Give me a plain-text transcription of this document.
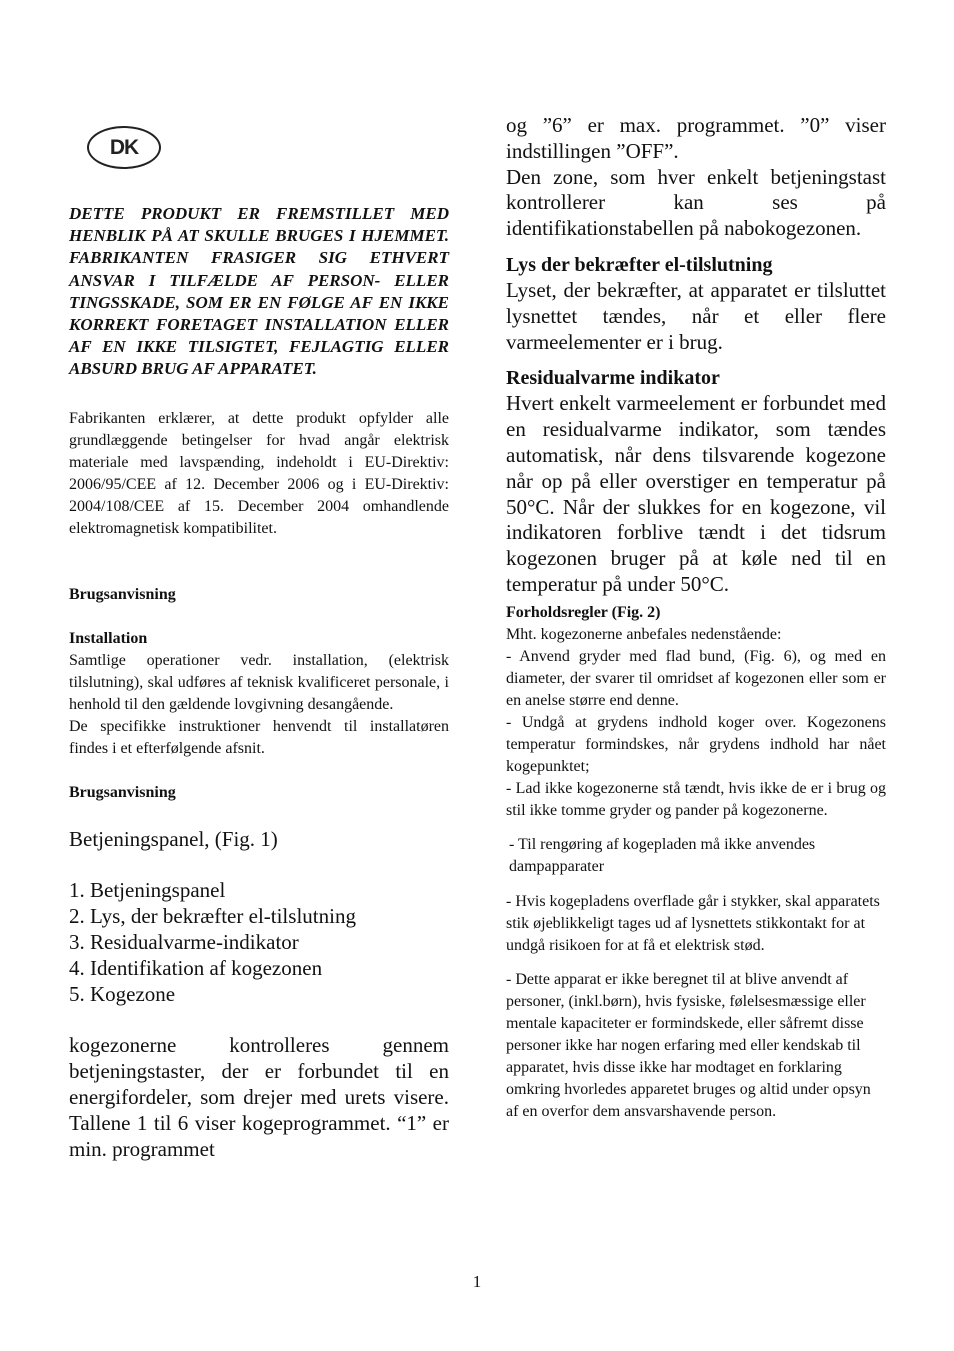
DK

DETTE PRODUKT ER FREMSTILLET MED HENBLIK PÅ AT SKULLE BRUGES I HJEMMET. FABRIKANTEN FRASIGER SIG ETHVERT ANSVAR I TILFÆLDE AF PERSON- ELLER TINGSSKADE, SOM ER EN FØLGE AF EN IKKE KORREKT FORETAGET INSTALLATION ELLER AF EN IKKE TILSIGTET, FEJLAGTIG ELLER ABSURD BRUG AF APPARATET.

Fabrikanten erklærer, at dette produkt opfylder alle grundlæggende betingelser for hvad angår elektrisk materiale med lavspænding, indeholdt i EU-Direktiv: 2006/95/CEE af 12. December 2006 og i EU-Direktiv: 2004/108/CEE af 15. December 2004 omhandlende elektromagnetisk kompatibilitet.

Brugsanvisning

Installation

Samtlige operationer vedr. installation, (elektrisk tilslutning), skal udføres af teknisk kvalificeret personale, i henhold til den gældende lovgivning desangående.

De specifikke instruktioner henvendt til installatøren findes i et efterfølgende afsnit.

Brugsanvisning

Betjeningspanel, (Fig. 1)

1. Betjeningspanel
2. Lys, der bekræfter el-tilslutning
3. Residualvarme-indikator
4. Identifikation af kogezonen
5. Kogezone

kogezonerne kontrolleres gennem betjeningstaster, der er forbundet til en energifordeler, som drejer med urets visere. Tallene 1 til 6 viser kogeprogrammet. “1” er min. programmet

og ”6” er max. programmet. ”0” viser indstillingen ”OFF”.

Den zone, som hver enkelt betjeningstast kontrollerer kan ses på identifikationstabellen på nabokogezonen.

Lys der bekræfter el-tilslutning

Lyset, der bekræfter, at apparatet er tilsluttet lysnettet tændes, når et eller flere varmeelementer er i brug.

Residualvarme indikator

Hvert enkelt varmeelement er forbundet med en residualvarme indikator, som tændes automatisk, når dens tilsvarende kogezone når op på eller overstiger en temperatur på 50°C. Når der slukkes for en kogezone, vil indikatoren forblive tændt i det tidsrum kogezonen bruger på at køle ned til en temperatur på under 50°C.

Forholdsregler (Fig. 2)

Mht. kogezonerne anbefales nedenstående:

- Anvend gryder med flad bund, (Fig. 6), og med en diameter, der svarer til omridset af kogezonen eller som er en anelse større end denne.

- Undgå at grydens indhold koger over. Kogezonens temperatur formindskes, når grydens indhold har nået kogepunktet;

- Lad ikke kogezonerne stå tændt, hvis ikke de er i brug og stil ikke tomme gryder og pander på kogezonerne.

- Til rengøring af kogepladen må ikke anvendes dampapparater

- Hvis kogepladens overflade går i stykker, skal apparatets stik øjeblikkeligt tages ud af lysnettets stikkontakt for at undgå risikoen for at få et elektrisk stød.

- Dette apparat er ikke beregnet til at blive anvendt af personer, (inkl.børn), hvis fysiske, følelsesmæssige eller mentale kapaciteter er formindskede, eller såfremt disse personer ikke har nogen erfaring med eller kendskab til apparatet, hvis disse ikke har modtaget en forklaring omkring hvorledes apparetet bruges og altid under opsyn af en overfor dem ansvarshavende person.

1
